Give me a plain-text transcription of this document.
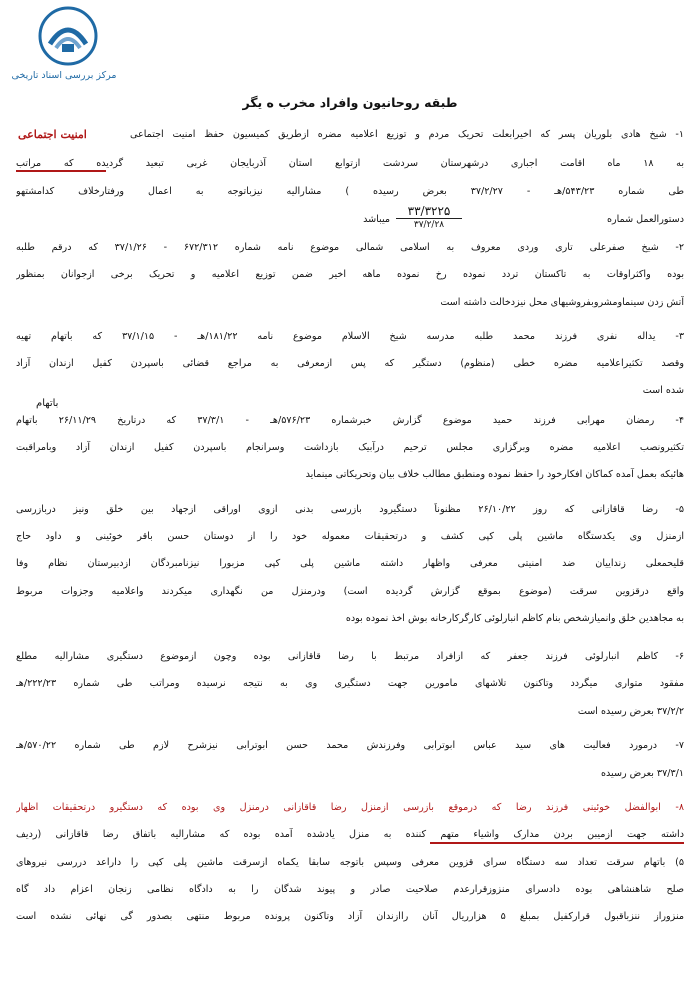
مرکز بررسی اسناد تاریخی
طبقه روحانیون وافراد مخرب ه یگر
امنیت اجتماعی	۱- شیخ هادی بلوریان پسر که اخیرابعلت تحریک مردم و توزیع اعلامیه مضره ازطریق کمیسیون حفظ امنیت اجتماعی
به ۱۸ ماه اقامت اجباری درشهرستان سردشت ازتوابع استان آذربایجان غربی تبعید گردیده که مراتب
طی شماره ۵۴۳/۲۳/هـ - ۳۷/۲/۲۷ بعرض رسیده ) مشارالیه نیزباتوجه به اعمال ورفتارخلاف کدامشتهو
دستورالعمل شماره
۳۳/۳۲۲۵
۳۷/۲/۲۸
میباشد
۲- شیخ صفرعلی تاری وردی معروف به اسلامی شمالی موضوع نامه شماره ۶۷۲/۳۱۲ - ۳۷/۱/۲۶ که درقم طلبه
بوده واکثراوقات به تاکستان تردد نموده رخ نموده ماهه اخیر ضمن توزیع اعلامیه و تحریک برخی ازجوانان بمنظور
آتش زدن سینماومشروبفروشیهای محل نیزدخالت داشته است
۳- یداله نفری فرزند محمد طلبه مدرسه شیخ الاسلام موضوع نامه ۱۸۱/۲۲/هـ - ۳۷/۱/۱۵ که باتهام تهیه
وقصد تکثیراعلامیه مضره خطی (منظوم) دستگیر که پس ازمعرفی به مراجع قضائی باسپردن کفیل ازندان آزاد
شده است
باتهام
۴- رمضان مهرابی فرزند حمید موضوع گزارش خبرشماره ۵۷۶/۲۳/هـ - ۳۷/۳/۱ که درتاریخ ۲۶/۱۱/۲۹ باتهام
تکثیرونصب اعلامیه مضره وبرگزاری مجلس ترحیم درآبیک بازداشت وسرانجام باسپردن کفیل ازندان آزاد وبامراقبت
هائیکه بعمل آمده کماکان افکارخود را حفظ نموده ومنطبق مطالب خلاف بیان وتحریکاتی مینماید
۵- رضا قاقازانی که روز ۲۶/۱۰/۲۲ مظنوناً دستگیرود بازرسی بدنی ازوی اوراقی ازجهاد بین خلق ونیز دربازرسی
ازمنزل وی یکدستگاه ماشین پلی کپی کشف و درتحقیقات معموله خود را از دوستان حسن باقر خوئینی و داود حاج
قلیحمعلی زنداییان ضد امنیتی معرفی واظهار داشته ماشین پلی کپی مزبورا نیزنامبردگان ازدبیرستان نظام وفا
واقع درقزوین سرقت (موضوع بموقع گزارش گردیده است) ودرمنزل من نگهداری میکردند واعلامیه وجزوات مربوط
به مجاهدین خلق وانمیازشخص بنام کاظم انبارلوئی کارگرکارخانه بوش اخذ نموده بوده
۶- کاظم انبارلوئی فرزند جعفر که ازافراد مرتبط با رضا قاقازانی بوده وچون ازموضوع دستگیری مشارالیه مطلع
مفقود متواری میگردد وتاکنون تلاشهای مامورین جهت دستگیری وی به نتیجه نرسیده ومراتب طی شماره ۲۲۲/۲۳/هـ
۳۷/۲/۲ بعرض رسیده است
۷- درمورد فعالیت های سید عباس ابوترابی وفرزندش محمد حسن ابوترابی نیزشرح لازم طی شماره ۵۷۰/۲۲/هـ
۳۷/۳/۱ بعرض رسیده
۸- ابوالفضل خوئینی فرزند رضا که درموقع بازرسی ازمنزل رضا قاقازانی درمنزل وی بوده که دستگیرو درتحقیقات اظهار
داشته جهت ازمیبن بردن مدارک واشیاء متهم کننده به منزل یادشده آمده بوده که مشارالیه باتفاق رضا قاقازانی (ردیف
۵) باتهام سرقت تعداد سه دستگاه سرای قزوین معرفی وسپس باتوجه سابقا یکماه ازسرقت ماشین پلی کپی را داراعد دررسی نیروهای
صلح شاهنشاهی بوده دادسرای منزوزقرارعدم صلاحیت صادر و پیوند شدگان را به دادگاه نظامی زنجان اعزام داد گاه
منزوراز ننزباقبول قرارکفیل بمبلغ ۵ هزارریال آنان راازندان آزاد وتاکنون پرونده مربوط منتهی بصدور گی نهائی نشده است
